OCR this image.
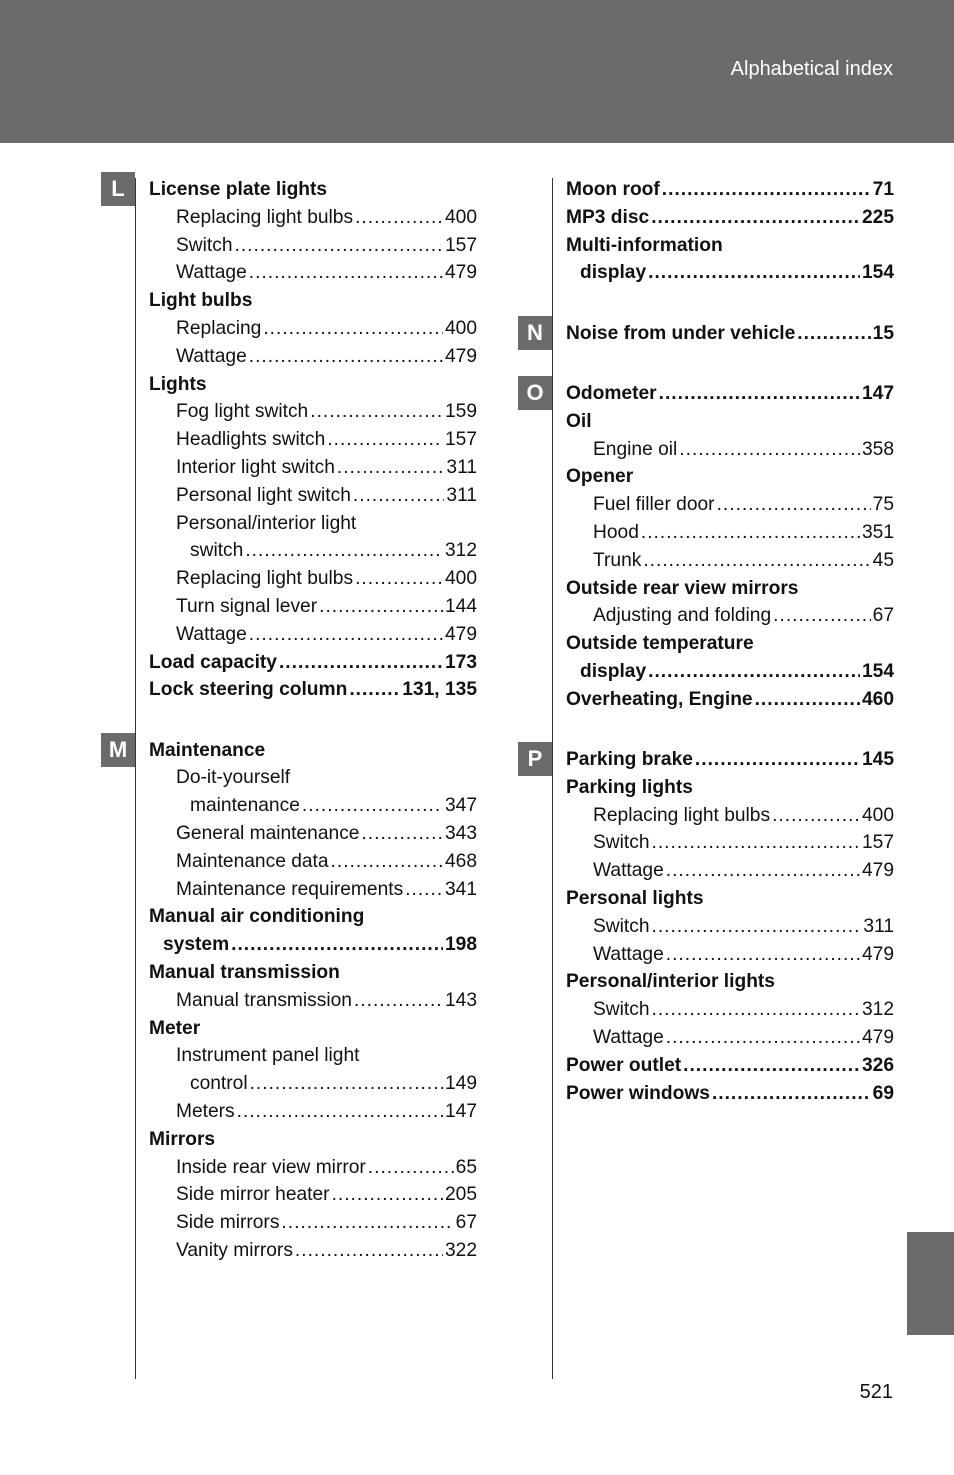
Alphabetical index
License plate lights
Replacing light bulbs .....	400
Switch .....	157
Wattage .....	479
Light bulbs
Replacing .....	400
Wattage .....	479
Lights
Fog light switch .....	159
Headlights switch .....	157
Interior light switch .....	311
Personal light switch .....	311
Personal/interior light
switch .....	312
Replacing light bulbs .....	400
Turn signal lever .....	144
Wattage .....	479
Load capacity .....	173
Lock steering column .....	131, 135
Maintenance
Do-it-yourself
maintenance .....	347
General maintenance .....	343
Maintenance data .....	468
Maintenance requirements ..... 341
Manual air conditioning
system .....	198
Manual transmission
Manual transmission .....	143
Meter
Instrument panel light
control .....	149
Meters .....	147
Mirrors
Inside rear view mirror .....	65
Side mirror heater .....	205
Side mirrors .....	67
Vanity mirrors .....	322
Moon roof .....	71
MP3 disc .....	225
Multi-information
display .....	154
Noise from under vehicle .....	15
Odometer .....	147
Oil
Engine oil .....	358
Opener
Fuel filler door .....	75
Hood .....	351
Trunk .....	45
Outside rear view mirrors
Adjusting and folding .....	67
Outside temperature
display .....	154
Overheating, Engine .....	460
Parking brake .....	145
Parking lights
Replacing light bulbs .....	400
Switch .....	157
Wattage .....	479
Personal lights
Switch .....	311
Wattage .....	479
Personal/interior lights
Switch .....	312
Wattage .....	479
Power outlet .....	326
Power windows .....	69
521
L
M
N
O
P
